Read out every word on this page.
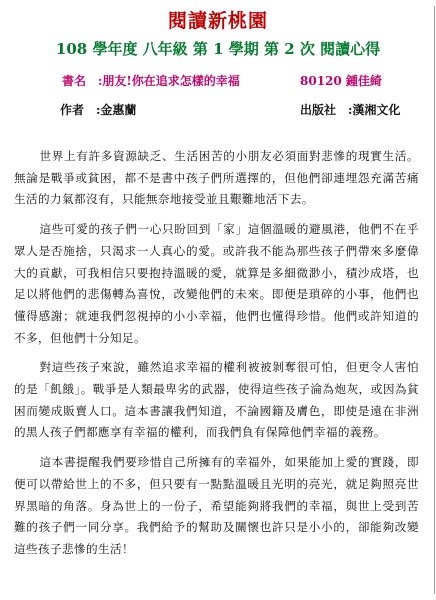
閱讀新桃園
108 學年度 八年級 第 1 學期 第 2 次 閱讀心得
書名 :朋友!你在追求怎樣的幸福	80120 鍾佳綺
作者 :金惠蘭	出版社 :漢湘文化

世界上有許多資源缺乏、生活困苦的小朋友必須面對悲慘的現實生活。無論是戰爭或貧困，都不是書中孩子們所選擇的，但他們卻連埋怨充滿苦痛生活的力氣都沒有，只能無奈地接受並且艱難地活下去。

這些可愛的孩子們一心只盼回到「家」這個溫暖的避風港，他們不在乎眾人是否施捨，只渴求一人真心的愛。或許我不能為那些孩子們帶來多麼偉大的貢獻，可我相信只要抱持溫暖的愛，就算是多細微渺小，積沙成塔，也足以將他們的悲傷轉為喜悅，改變他們的未來。即便是瑣碎的小事，他們也懂得感謝；就連我們忽視掉的小小幸福，他們也懂得珍惜。他們或許知道的不多，但他們十分知足。

對這些孩子來說，雖然追求幸福的權利被被剝奪很可怕，但更令人害怕的是「飢餓」。戰爭是人類最卑劣的武器，使得這些孩子淪為炮灰，或因為貧困而變成販賣人口。這本書讓我們知道，不論國籍及膚色，即使是遠在非洲的黑人孩子們都應享有幸福的權利，而我們負有保障他們幸福的義務。

這本書提醒我們要珍惜自己所擁有的幸福外，如果能加上愛的實踐，即便可以帶給世上的不多，但只要有一點點溫暖且光明的亮光，就足夠照亮世界黑暗的角落。身為世上的一份子，希望能夠將我們的幸福，與世上受到苦難的孩子們一同分享。我們給予的幫助及關懷也許只是小小的，卻能夠改變這些孩子悲慘的生活！
